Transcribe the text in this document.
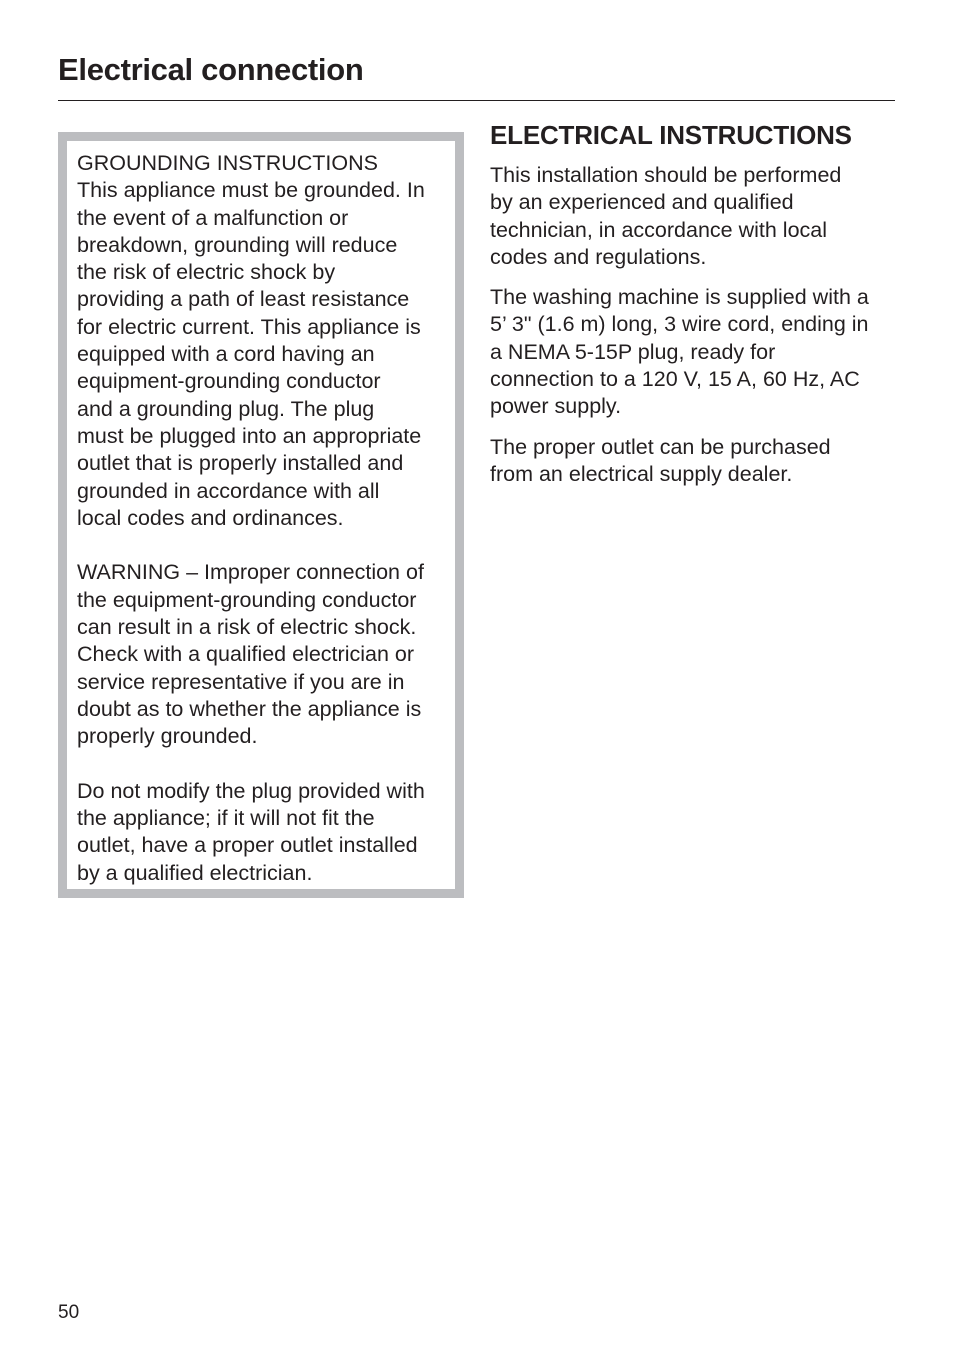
Electrical connection

GROUNDING INSTRUCTIONS
This appliance must be grounded. In
the event of a malfunction or
breakdown, grounding will reduce
the risk of electric shock by
providing a path of least resistance
for electric current. This appliance is
equipped with a cord having an
equipment-grounding conductor
and a grounding plug. The plug
must be plugged into an appropriate
outlet that is properly installed and
grounded in accordance with all
local codes and ordinances.

WARNING – Improper connection of
the equipment-grounding conductor
can result in a risk of electric shock.
Check with a qualified electrician or
service representative if you are in
doubt as to whether the appliance is
properly grounded.

Do not modify the plug provided with
the appliance; if it will not fit the
outlet, have a proper outlet installed
by a qualified electrician.

ELECTRICAL INSTRUCTIONS

This installation should be performed
by an experienced and qualified
technician, in accordance with local
codes and regulations.

The washing machine is supplied with a
5’ 3" (1.6 m) long, 3 wire cord, ending in
a NEMA 5-15P plug, ready for
connection to a 120 V, 15 A, 60 Hz, AC
power supply.

The proper outlet can be purchased
from an electrical supply dealer.

50
